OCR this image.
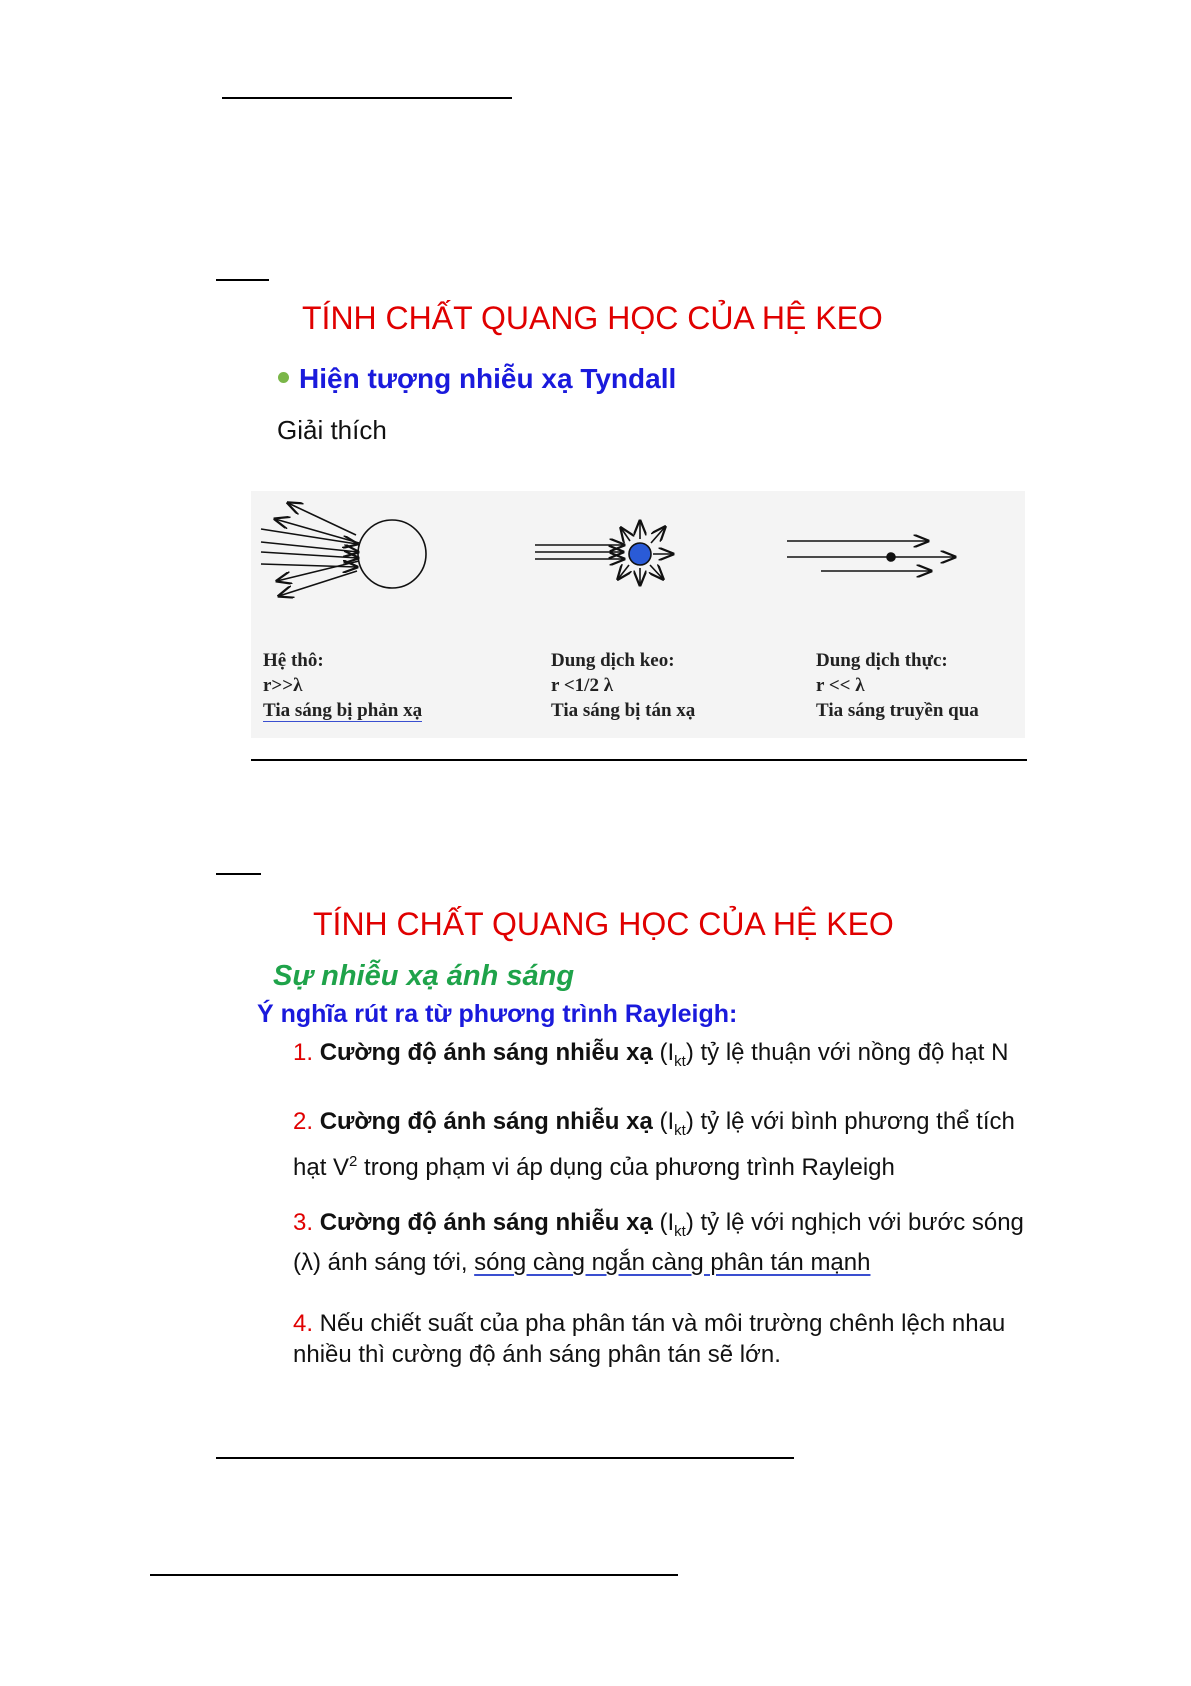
TÍNH CHẤT QUANG HỌC CỦA HỆ KEO
Hiện tượng nhiễu xạ Tyndall
Giải thích
Hệ thô:
r>>λ
Tia sáng bị phản xạ
Dung dịch keo:
r <1/2 λ
Tia sáng bị tán xạ
Dung dịch thực:
r << λ
Tia sáng truyền qua
TÍNH CHẤT QUANG HỌC CỦA HỆ KEO
Sự nhiễu xạ ánh sáng
Ý nghĩa rút ra từ phương trình Rayleigh:
1. Cường độ ánh sáng nhiễu xạ $(I_{kt})$ tỷ lệ thuận với nồng độ hạt N
2. Cường độ ánh sáng nhiễu xạ $(I_{kt})$ tỷ lệ với bình phương thể tích hạt $V^2$ trong phạm vi áp dụng của phương trình Rayleigh
3. Cường độ ánh sáng nhiễu xạ $(I_{kt})$ tỷ lệ với nghịch với bước sóng (λ) ánh sáng tới, sóng càng ngắn càng phân tán mạnh
4. Nếu chiết suất của pha phân tán và môi trường chênh lệch nhau nhiều thì cường độ ánh sáng phân tán sẽ lớn.
